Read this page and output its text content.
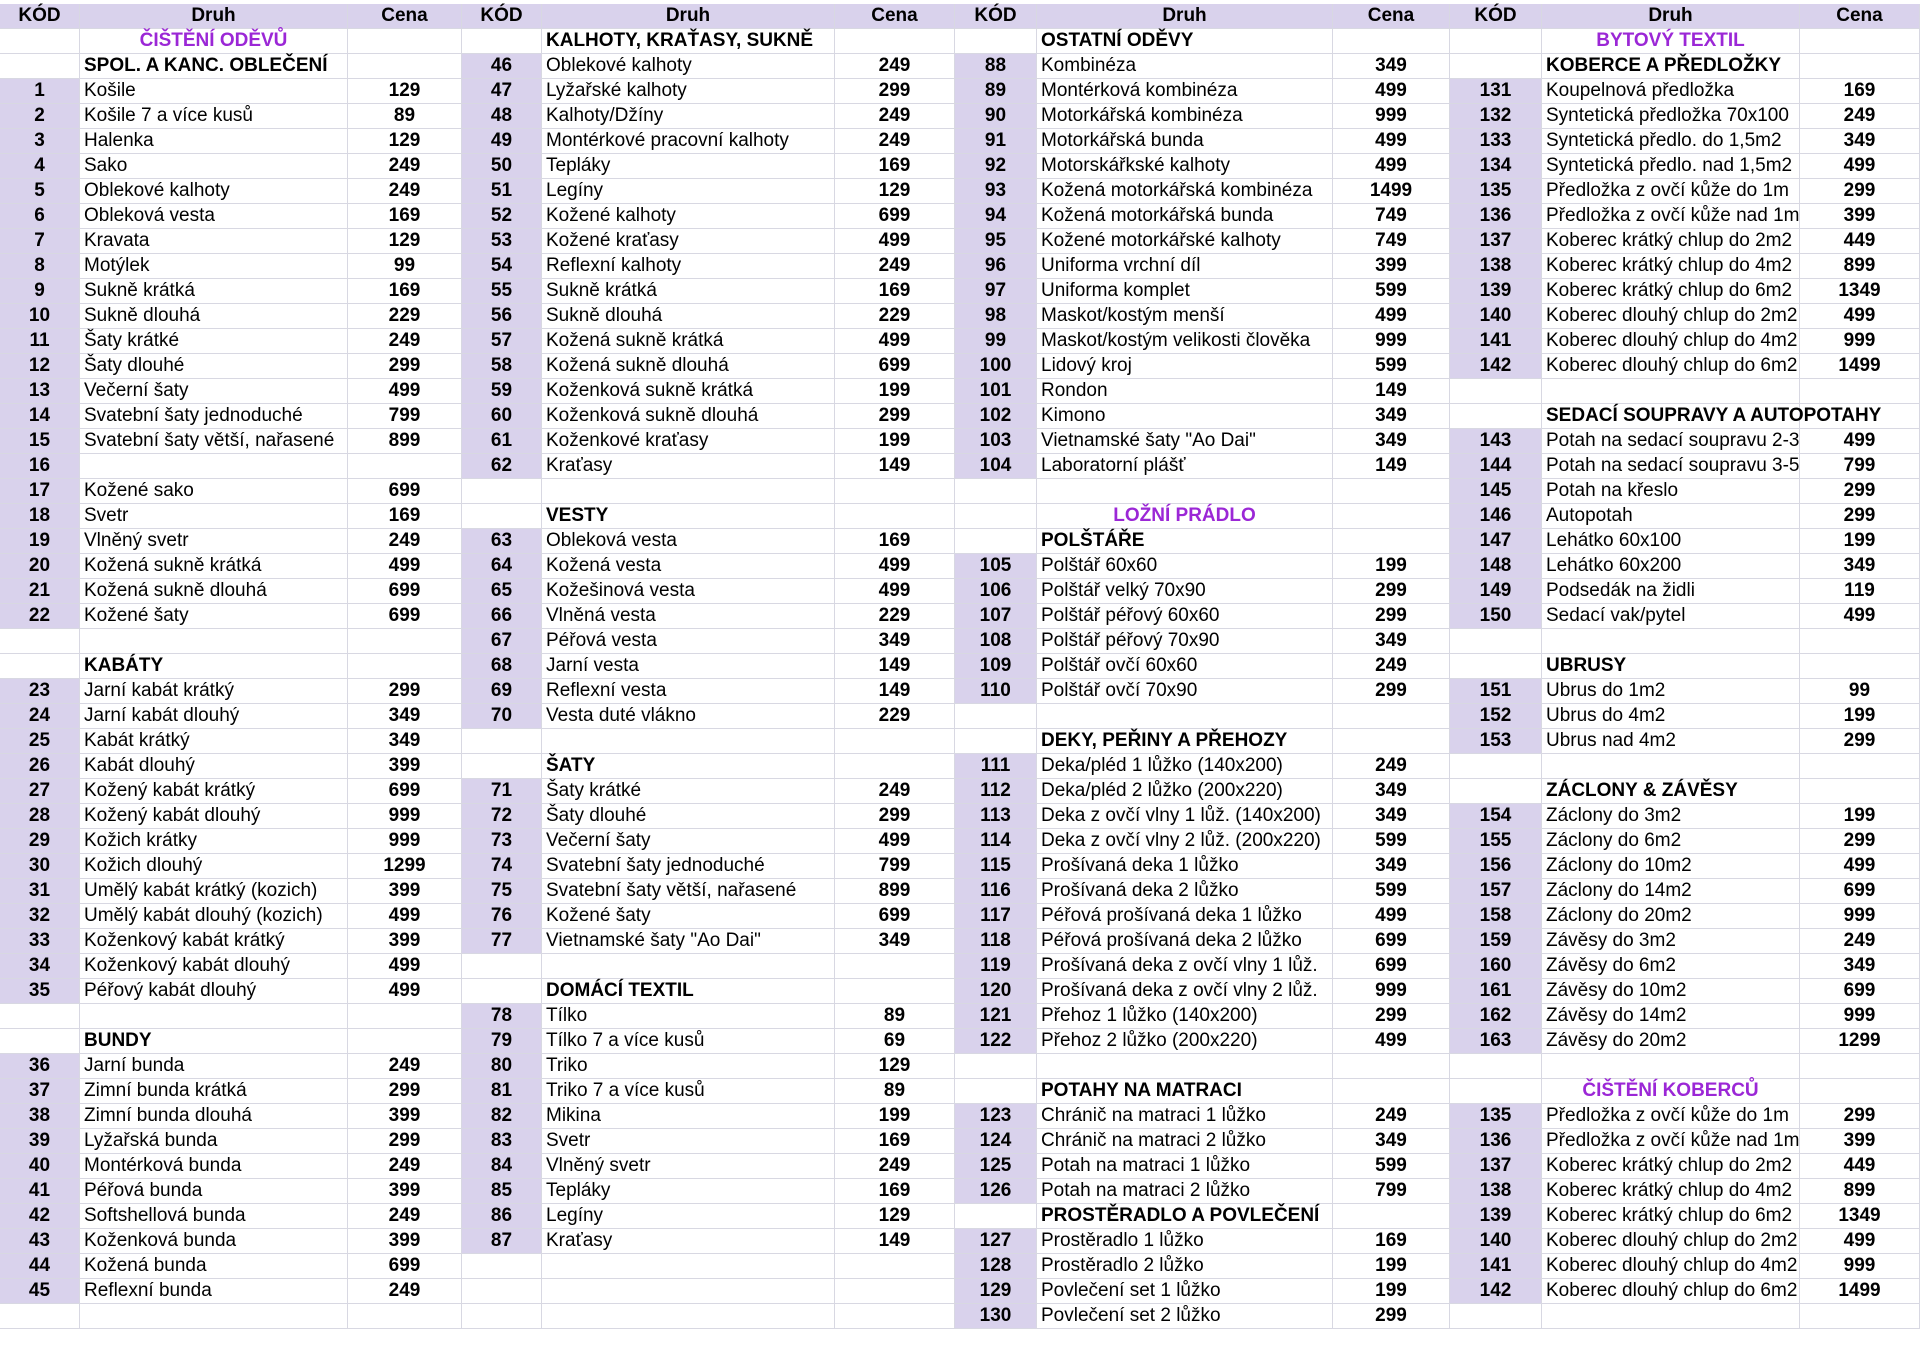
KÓD	Druh	Cena
ČIŠTĚNÍ ODĚVŮ
SPOL. A KANC. OBLEČENÍ
1	Košile	129
2	Košile 7 a více kusů	89
3	Halenka	129
4	Sako	249
5	Oblekové kalhoty	249
6	Obleková vesta	169
7	Kravata	129
8	Motýlek	99
9	Sukně krátká	169
10	Sukně dlouhá	229
11	Šaty krátké	249
12	Šaty dlouhé	299
13	Večerní šaty	499
14	Svatební šaty jednoduché	799
15	Svatební šaty větší, nařasené	899
16
17	Kožené sako	699
18	Svetr	169
19	Vlněný svetr	249
20	Kožená sukně krátká	499
21	Kožená sukně dlouhá	699
22	Kožené šaty	699
KABÁTY
23	Jarní kabát krátký	299
24	Jarní kabát dlouhý	349
25	Kabát krátký	349
26	Kabát dlouhý	399
27	Kožený kabát krátký	699
28	Kožený kabát dlouhý	999
29	Kožich krátky	999
30	Kožich dlouhý	1299
31	Umělý kabát krátký (kozich)	399
32	Umělý kabát dlouhý (kozich)	499
33	Koženkový kabát krátký	399
34	Koženkový kabát dlouhý	499
35	Péřový kabát dlouhý	499
BUNDY
36	Jarní bunda	249
37	Zimní bunda krátká	299
38	Zimní bunda dlouhá	399
39	Lyžařská bunda	299
40	Montérková bunda	249
41	Péřová bunda	399
42	Softshellová bunda	249
43	Koženková bunda	399
44	Kožená bunda	699
45	Reflexní bunda	249
KÓD	Druh	Cena
KALHOTY, KRAŤASY, SUKNĚ
46	Oblekové kalhoty	249
47	Lyžařské kalhoty	299
48	Kalhoty/Džíny	249
49	Montérkové pracovní kalhoty	249
50	Tepláky	169
51	Legíny	129
52	Kožené kalhoty	699
53	Kožené kraťasy	499
54	Reflexní kalhoty	249
55	Sukně krátká	169
56	Sukně dlouhá	229
57	Kožená sukně krátká	499
58	Kožená sukně dlouhá	699
59	Koženková sukně krátká	199
60	Koženková sukně dlouhá	299
61	Koženkové kraťasy	199
62	Kraťasy	149
VESTY
63	Obleková vesta	169
64	Kožená vesta	499
65	Kožešinová vesta	499
66	Vlněná vesta	229
67	Péřová vesta	349
68	Jarní vesta	149
69	Reflexní vesta	149
70	Vesta duté vlákno	229
ŠATY
71	Šaty krátké	249
72	Šaty dlouhé	299
73	Večerní šaty	499
74	Svatební šaty jednoduché	799
75	Svatební šaty větší, nařasené	899
76	Kožené šaty	699
77	Vietnamské šaty "Ao Dai"	349
DOMÁCÍ TEXTIL
78	Tílko	89
79	Tílko 7 a více kusů	69
80	Triko	129
81	Triko 7 a více kusů	89
82	Mikina	199
83	Svetr	169
84	Vlněný svetr	249
85	Tepláky	169
86	Legíny	129
87	Kraťasy	149
KÓD	Druh	Cena
OSTATNÍ ODĚVY
88	Kombinéza	349
89	Montérková kombinéza	499
90	Motorkářská kombinéza	999
91	Motorkářská bunda	499
92	Motorskářkské kalhoty	499
93	Kožená motorkářská kombinéza	1499
94	Kožená motorkářská bunda	749
95	Kožené motorkářské kalhoty	749
96	Uniforma vrchní díl	399
97	Uniforma komplet	599
98	Maskot/kostým menší	499
99	Maskot/kostým velikosti člověka	999
100	Lidový kroj	599
101	Rondon	149
102	Kimono	349
103	Vietnamské šaty "Ao Dai"	349
104	Laboratorní plášť	149
LOŽNÍ PRÁDLO
POLŠTÁŘE
105	Polštář 60x60	199
106	Polštář velký 70x90	299
107	Polštář péřový 60x60	299
108	Polštář péřový 70x90	349
109	Polštář ovčí 60x60	249
110	Polštář ovčí 70x90	299
DEKY, PEŘINY A PŘEHOZY
111	Deka/pléd 1 lůžko (140x200)	249
112	Deka/pléd 2 lůžko (200x220)	349
113	Deka z ovčí vlny 1 lůž. (140x200)	349
114	Deka z ovčí vlny 2 lůž. (200x220)	599
115	Prošívaná deka 1 lůžko	349
116	Prošívaná deka 2 lůžko	599
117	Péřová prošívaná deka 1 lůžko	499
118	Péřová prošívaná deka 2 lůžko	699
119	Prošívaná deka z ovčí vlny 1 lůž.	699
120	Prošívaná deka z ovčí vlny 2 lůž.	999
121	Přehoz 1 lůžko (140x200)	299
122	Přehoz 2 lůžko (200x220)	499
POTAHY NA MATRACI
123	Chránič na matraci 1 lůžko	249
124	Chránič na matraci 2 lůžko	349
125	Potah na matraci 1 lůžko	599
126	Potah na matraci 2 lůžko	799
PROSTĚRADLO A POVLEČENÍ
127	Prostěradlo 1 lůžko	169
128	Prostěradlo 2 lůžko	199
129	Povlečení set 1 lůžko	199
130	Povlečení set 2 lůžko	299
KÓD	Druh	Cena
BYTOVÝ TEXTIL
KOBERCE A PŘEDLOŽKY
131	Koupelnová předložka	169
132	Syntetická předložka 70x100	249
133	Syntetická předlo. do 1,5m2	349
134	Syntetická předlo. nad 1,5m2	499
135	Předložka z ovčí kůže do 1m	299
136	Předložka z ovčí kůže nad 1m	399
137	Koberec krátký chlup do 2m2	449
138	Koberec krátký chlup do 4m2	899
139	Koberec krátký chlup do 6m2	1349
140	Koberec dlouhý chlup do 2m2	499
141	Koberec dlouhý chlup do 4m2	999
142	Koberec dlouhý chlup do 6m2	1499
SEDACÍ SOUPRAVY A AUTOPOTAHY
143	Potah na sedací soupravu 2-3	499
144	Potah na sedací soupravu 3-5	799
145	Potah na křeslo	299
146	Autopotah	299
147	Lehátko 60x100	199
148	Lehátko 60x200	349
149	Podsedák na židli	119
150	Sedací vak/pytel	499
UBRUSY
151	Ubrus do 1m2	99
152	Ubrus do 4m2	199
153	Ubrus nad 4m2	299
ZÁCLONY & ZÁVĚSY
154	Záclony do 3m2	199
155	Záclony do 6m2	299
156	Záclony do 10m2	499
157	Záclony do 14m2	699
158	Záclony do 20m2	999
159	Závěsy do 3m2	249
160	Závěsy do 6m2	349
161	Závěsy do 10m2	699
162	Závěsy do 14m2	999
163	Závěsy do 20m2	1299
ČIŠTĚNÍ KOBERCŮ
135	Předložka z ovčí kůže do 1m	299
136	Předložka z ovčí kůže nad 1m	399
137	Koberec krátký chlup do 2m2	449
138	Koberec krátký chlup do 4m2	899
139	Koberec krátký chlup do 6m2	1349
140	Koberec dlouhý chlup do 2m2	499
141	Koberec dlouhý chlup do 4m2	999
142	Koberec dlouhý chlup do 6m2	1499
